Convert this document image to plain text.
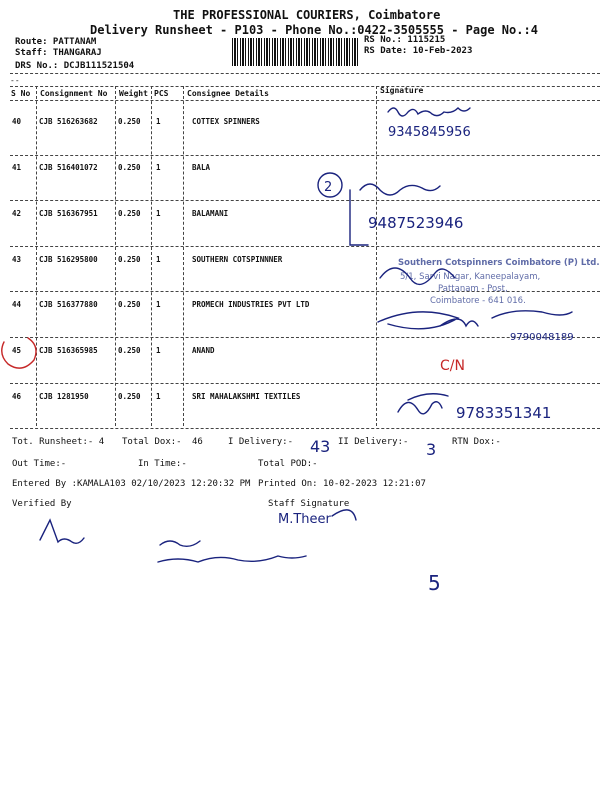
THE PROFESSIONAL COURIERS, Coimbatore
Delivery Runsheet - P103 - Phone No.:0422-3505555 - Page No.:4
Route: PATTANAM
Staff: THANGARAJ
DRS No.: DCJB111521504
RS No.: 1115215
RS Date: 10-Feb-2023
--
S No Consignment No Weight PCS Consignee Details	Signature
40 CJB 516263682	0.250 1	COTTEX SPINNERS
41 CJB 516401072	0.250 1	BALA
42 CJB 516367951	0.250 1	BALAMANI
43 CJB 516295800	0.250 1	SOUTHERN COTSPINNNER
44 CJB 516377880	0.250 1	PROMECH INDUSTRIES PVT LTD
45 CJB 516365985	0.250 1	ANAND
46 CJB 1281950	0.250 1	SRI MAHALAKSHMI TEXTILES
Tot. Runsheet:- 4 Total Dox:- 46	I Delivery:-	II Delivery:-	RTN Dox:-
Out Time:-	In Time:-	Total POD:-
Entered By :KAMALA103 02/10/2023 12:20:32 PM Printed On: 10-02-2023 12:21:07
Verified By	Staff Signature
Southern Cotspinners Coimbatore (P) Ltd.
5/1, Sarvi Nagar, Kaneepalayam,
Pattanam - Post,
Coimbatore - 641 016.
9345845956
2
9487523946
9790048189
9783351341
43	3
M.Theer
5
C/N
